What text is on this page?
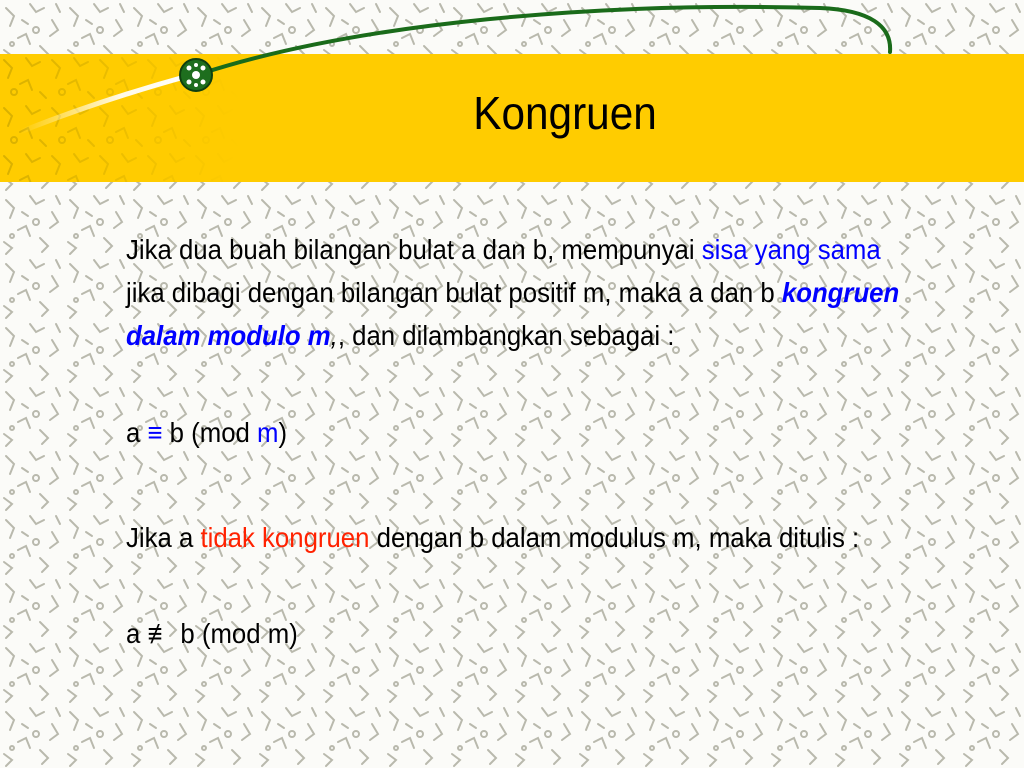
Kongruen
Jika dua buah bilangan bulat a dan b, mempunyai sisa yang sama jika dibagi dengan bilangan bulat positif m, maka a dan b kongruen dalam modulo m,, dan dilambangkan sebagai :
a ≡ b (mod m)
Jika a tidak kongruen dengan b dalam modulus m, maka ditulis :
a ≢ b (mod m)
